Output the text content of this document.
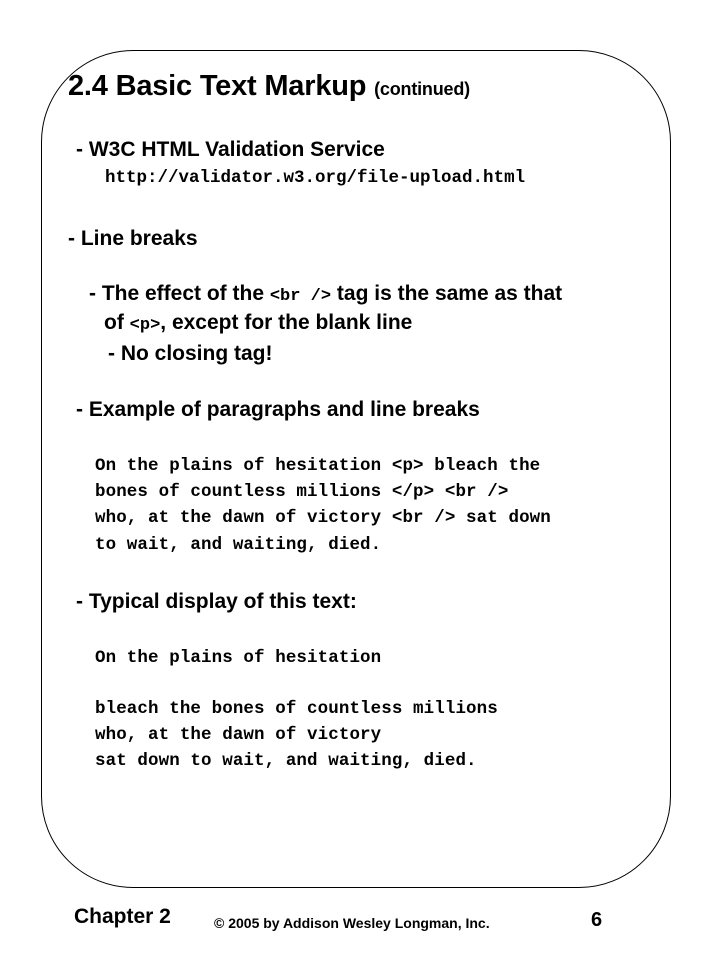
2.4 Basic Text Markup (continued)
- W3C HTML Validation Service
http://validator.w3.org/file-upload.html
- Line breaks
- The effect of the <br /> tag is the same as that
of <p>, except for the blank line
- No closing tag!
- Example of paragraphs and line breaks
On the plains of hesitation <p> bleach the
bones of countless millions </p> <br />
who, at the dawn of victory <br /> sat down
to wait, and waiting, died.
- Typical display of this text:
On the plains of hesitation
bleach the bones of countless millions
who, at the dawn of victory
sat down to wait, and waiting, died.
Chapter 2	© 2005 by Addison Wesley Longman, Inc.	6
